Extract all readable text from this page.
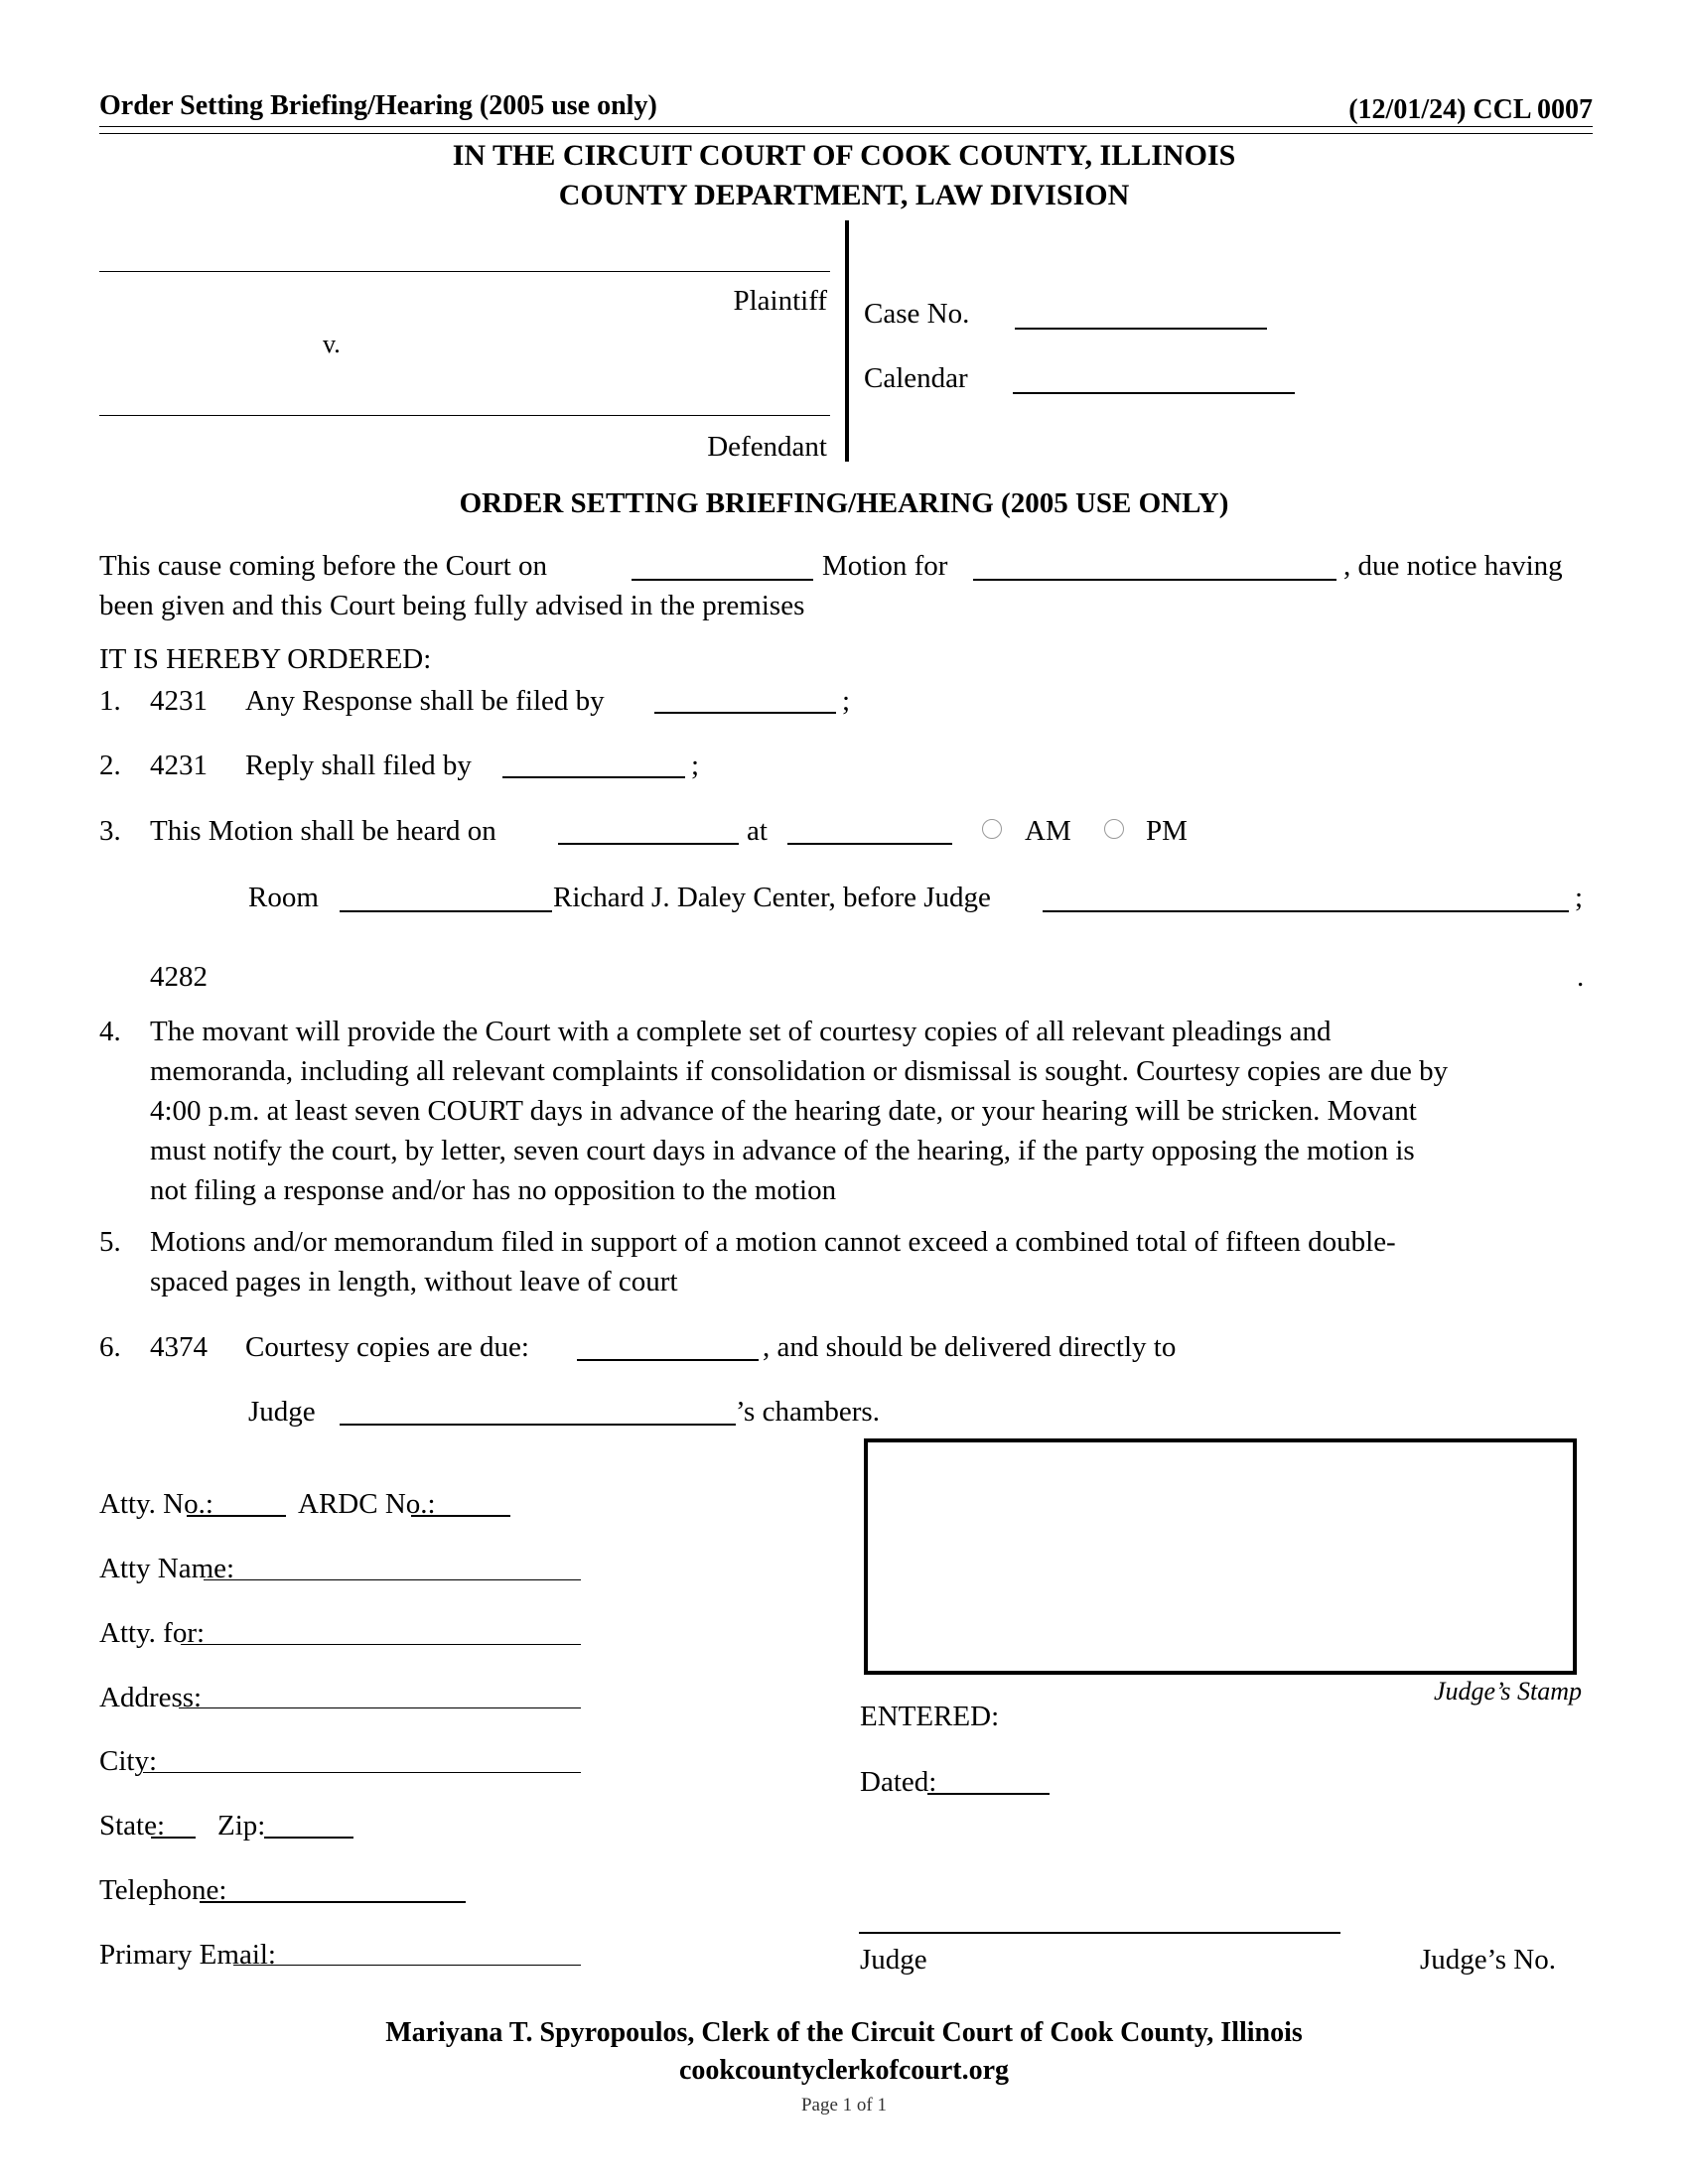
Order Setting Briefing/Hearing (2005 use only)	(12/01/24) CCL 0007
IN THE CIRCUIT COURT OF COOK COUNTY, ILLINOIS
COUNTY DEPARTMENT, LAW DIVISION
Plaintiff
v.
Defendant
Case No.
Calendar
ORDER SETTING BRIEFING/HEARING (2005 USE ONLY)
This cause coming before the Court on	Motion for	, due notice having
been given and this Court being fully advised in the premises
IT IS HEREBY ORDERED:
1. 4231 Any Response shall be filed by	;
2. 4231 Reply shall filed by	;
3. This Motion shall be heard on	at	AM	PM
Room	Richard J. Daley Center, before Judge	;
4282	.
4. The movant will provide the Court with a complete set of courtesy copies of all relevant pleadings and
memoranda, including all relevant complaints if consolidation or dismissal is sought. Courtesy copies are due by
4:00 p.m. at least seven COURT days in advance of the hearing date, or your hearing will be stricken. Movant
must notify the court, by letter, seven court days in advance of the hearing, if the party opposing the motion is
not filing a response and/or has no opposition to the motion
5. Motions and/or memorandum filed in support of a motion cannot exceed a combined total of fifteen double-
spaced pages in length, without leave of court
6. 4374 Courtesy copies are due:	, and should be delivered directly to
Judge	’s chambers.
Atty. No.:	ARDC No.:
Atty Name:
Atty. for:
Address:
City:
State: Zip:
Telephone:
Primary Email:
Judge’s Stamp
ENTERED:
Dated:
Judge	Judge’s No.
Mariyana T. Spyropoulos, Clerk of the Circuit Court of Cook County, Illinois
cookcountyclerkofcourt.org
Page 1 of 1
